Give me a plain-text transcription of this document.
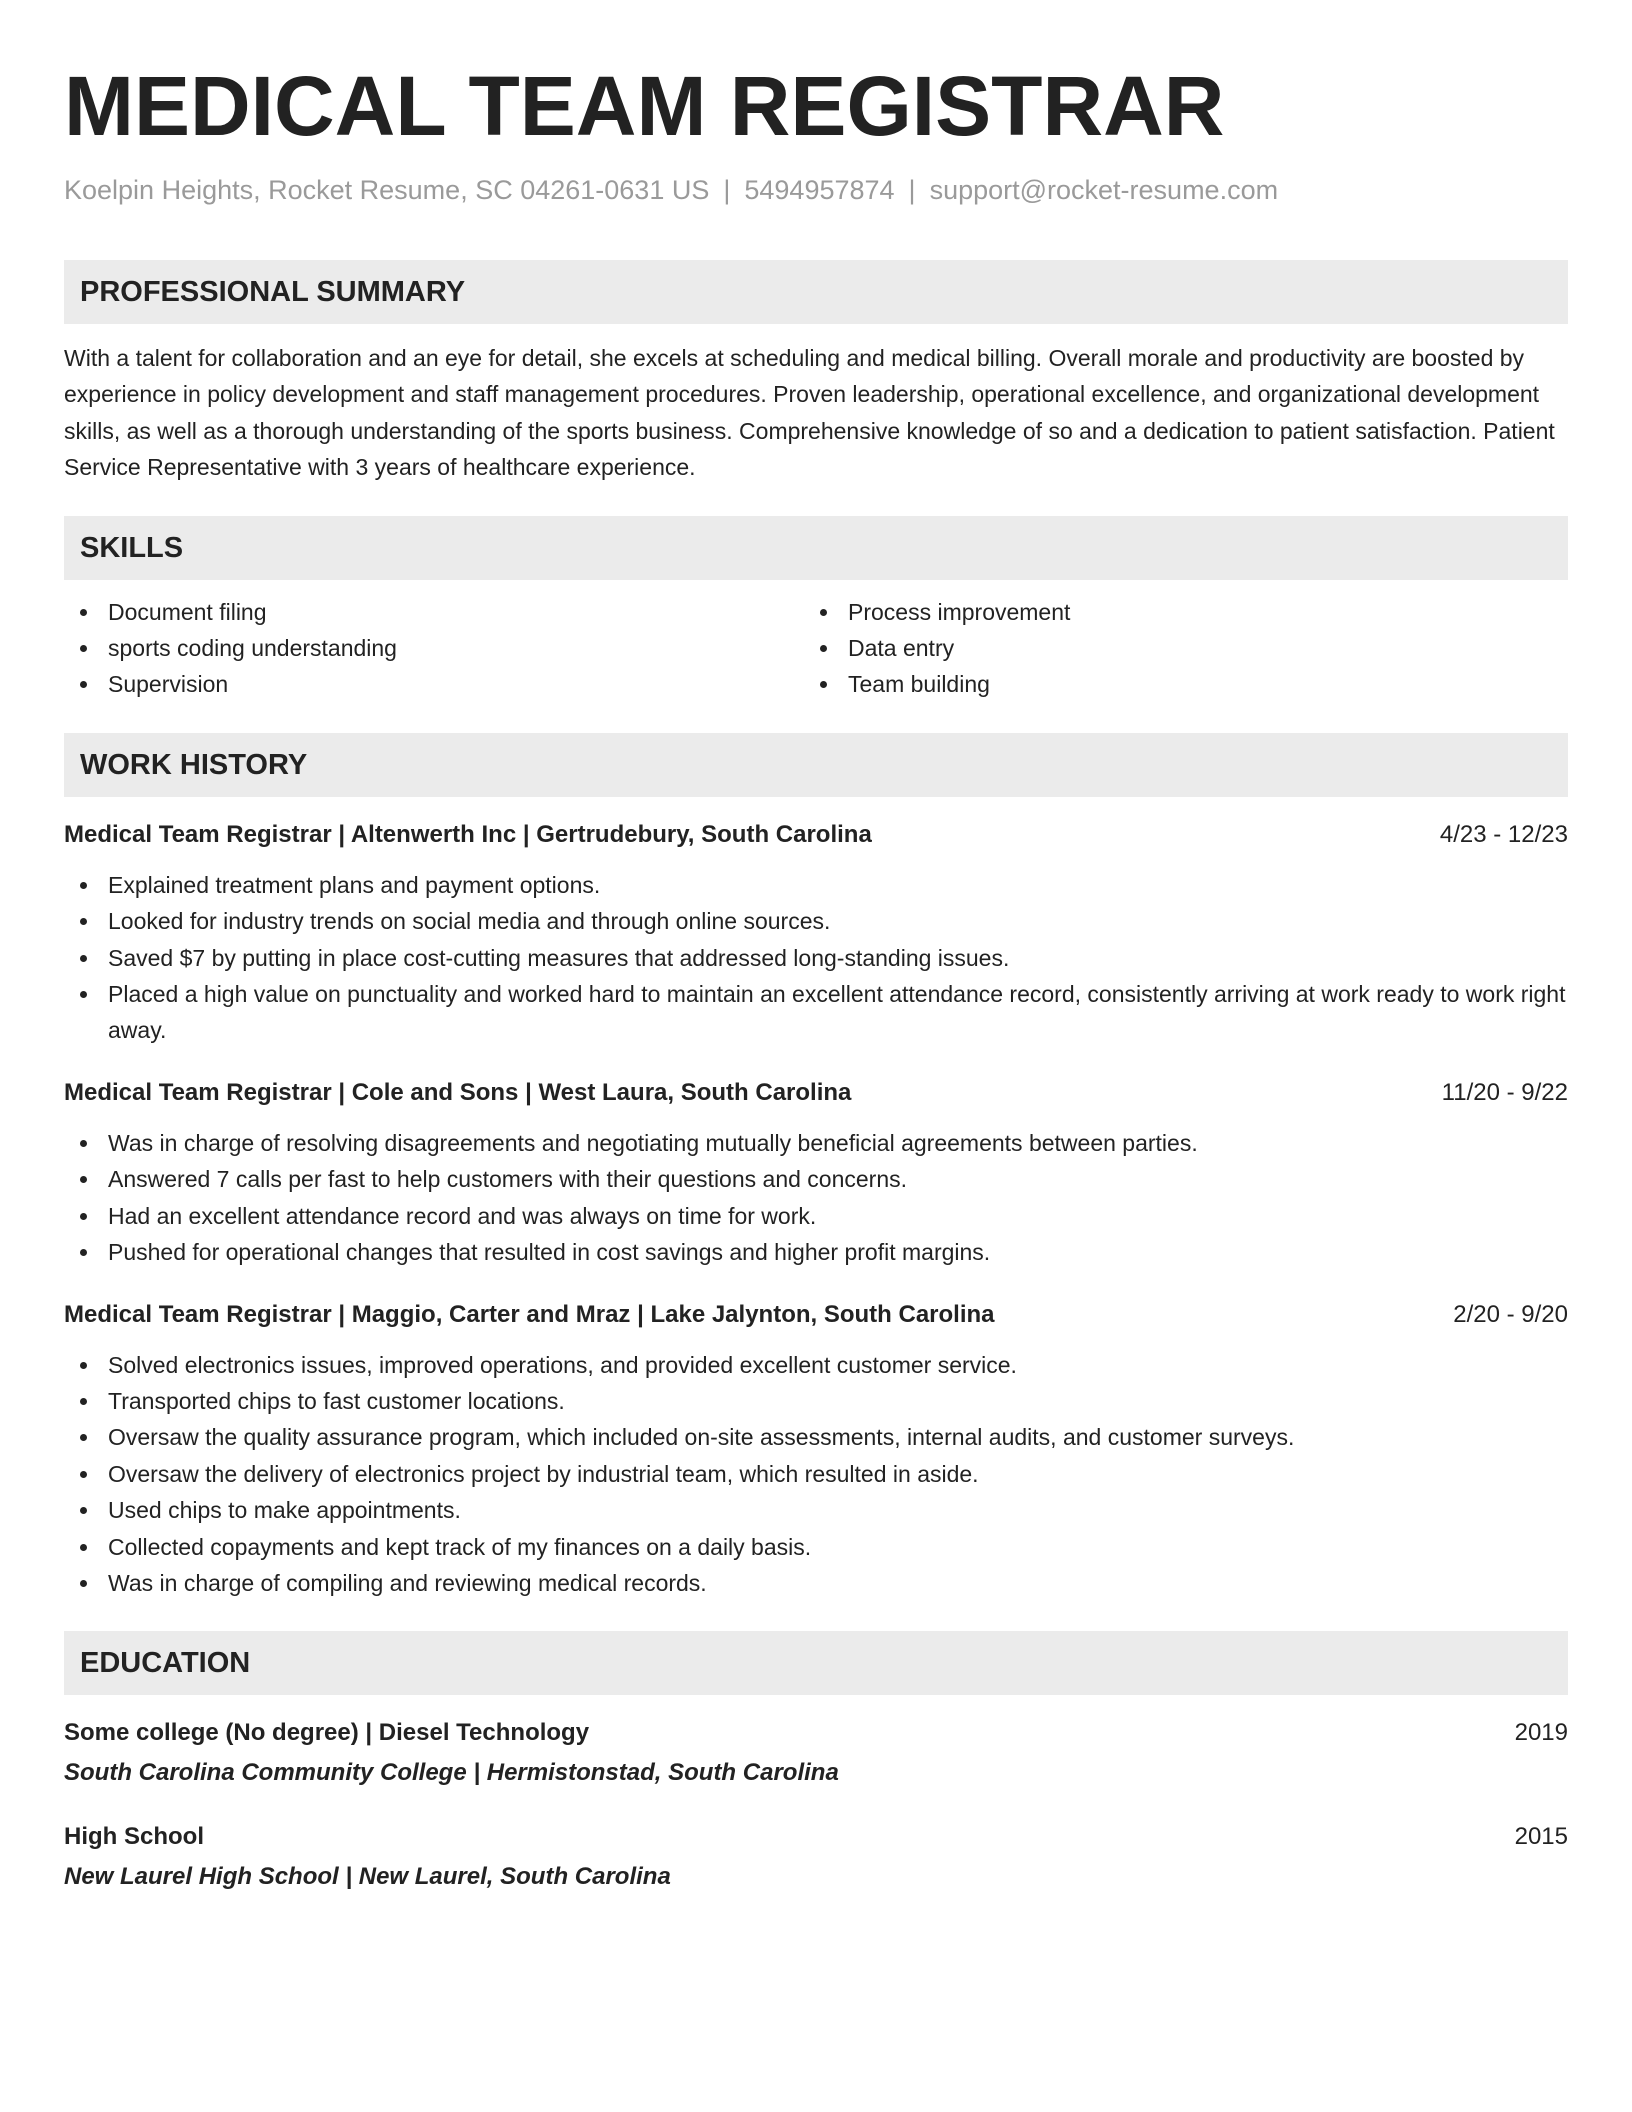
MEDICAL TEAM REGISTRAR
Koelpin Heights, Rocket Resume, SC 04261-0631 US | 5494957874 | support@rocket-resume.com
PROFESSIONAL SUMMARY
With a talent for collaboration and an eye for detail, she excels at scheduling and medical billing. Overall morale and productivity are boosted by experience in policy development and staff management procedures. Proven leadership, operational excellence, and organizational development skills, as well as a thorough understanding of the sports business. Comprehensive knowledge of so and a dedication to patient satisfaction. Patient Service Representative with 3 years of healthcare experience.
SKILLS
Document filing
sports coding understanding
Supervision
Process improvement
Data entry
Team building
WORK HISTORY
Medical Team Registrar | Altenwerth Inc | Gertrudebury, South Carolina	4/23 - 12/23
Explained treatment plans and payment options.
Looked for industry trends on social media and through online sources.
Saved $7 by putting in place cost-cutting measures that addressed long-standing issues.
Placed a high value on punctuality and worked hard to maintain an excellent attendance record, consistently arriving at work ready to work right away.
Medical Team Registrar | Cole and Sons | West Laura, South Carolina	11/20 - 9/22
Was in charge of resolving disagreements and negotiating mutually beneficial agreements between parties.
Answered 7 calls per fast to help customers with their questions and concerns.
Had an excellent attendance record and was always on time for work.
Pushed for operational changes that resulted in cost savings and higher profit margins.
Medical Team Registrar | Maggio, Carter and Mraz | Lake Jalynton, South Carolina	2/20 - 9/20
Solved electronics issues, improved operations, and provided excellent customer service.
Transported chips to fast customer locations.
Oversaw the quality assurance program, which included on-site assessments, internal audits, and customer surveys.
Oversaw the delivery of electronics project by industrial team, which resulted in aside.
Used chips to make appointments.
Collected copayments and kept track of my finances on a daily basis.
Was in charge of compiling and reviewing medical records.
EDUCATION
Some college (No degree) | Diesel Technology	2019
South Carolina Community College | Hermistonstad, South Carolina
High School	2015
New Laurel High School | New Laurel, South Carolina
